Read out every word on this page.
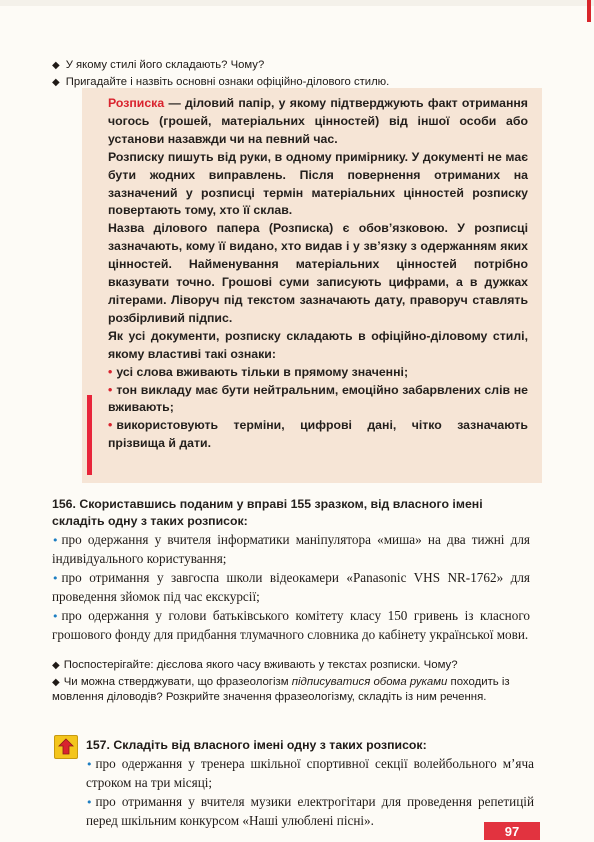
◆ У якому стилі його складають? Чому?
◆ Пригадайте і назвіть основні ознаки офіційно-ділового стилю.

Розписка — діловий папір, у якому підтверджують факт отримання чогось (грошей, матеріальних цінностей) від іншої особи або установи назавжди чи на певний час.

Розписку пишуть від руки, в одному примірнику. У документі не має бути жодних виправлень. Після повернення отриманих на зазначений у розписці термін матеріальних цінностей розписку повертають тому, хто її склав.

Назва ділового папера (Розписка) є обов’язковою. У розписці зазначають, кому її видано, хто видав і у зв’язку з одержанням яких цінностей. Найменування матеріальних цінностей потрібно вказувати точно. Грошові суми записують цифрами, а в дужках літерами. Ліворуч під текстом зазначають дату, праворуч ставлять розбірливий підпис.

Як усі документи, розписку складають в офіційно-діловому стилі, якому властиві такі ознаки:

• усі слова вживають тільки в прямому значенні;

• тон викладу має бути нейтральним, емоційно забарвлених слів не вживають;

• використовують терміни, цифрові дані, чітко зазначають прізвища й дати.

156. Скориставшись поданим у вправі 155 зразком, від власного імені складіть одну з таких розписок:

• про одержання у вчителя інформатики маніпулятора «миша» на два тижні для індивідуального користування;

• про отримання у завгоспа школи відеокамери «Panasonic VHS NR-1762» для проведення зйомок під час екскурсії;

• про одержання у голови батьківського комітету класу 150 гривень із класного грошового фонду для придбання тлумачного словника до кабінету української мови.

◆ Поспостерігайте: дієслова якого часу вживають у текстах розписки. Чому?
◆ Чи можна стверджувати, що фразеологізм підписуватися обома руками походить із мовлення діловодів? Розкрийте значення фразеологізму, складіть із ним речення.
157. Складіть від власного імені одну з таких розписок:

• про одержання у тренера шкільної спортивної секції волейбольного м’яча строком на три місяці;

• про отримання у вчителя музики електрогітари для проведення репетицій перед шкільним конкурсом «Наші улюблені пісні».

97
